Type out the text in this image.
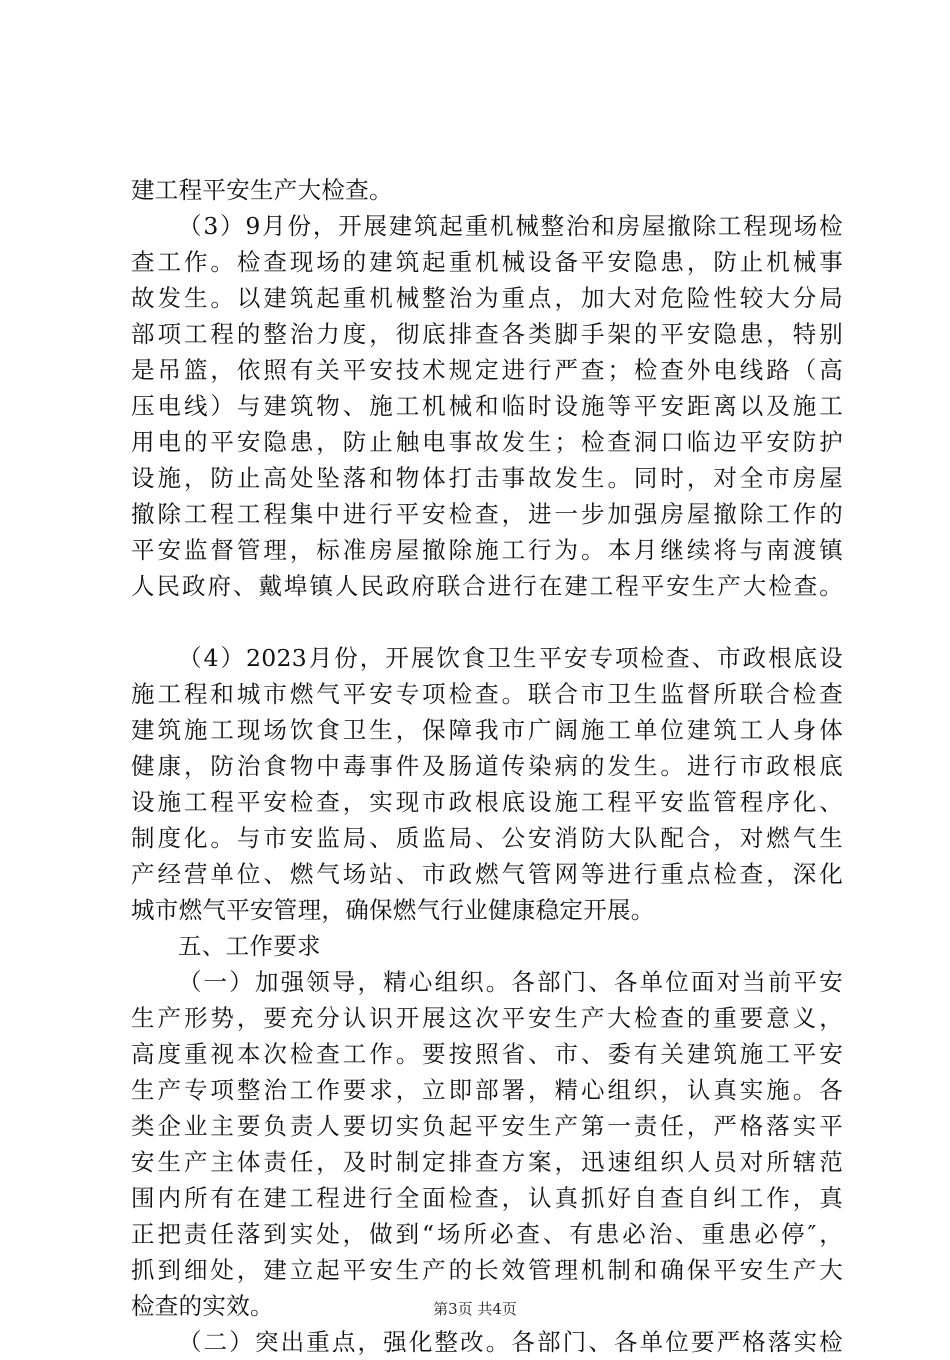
建工程平安生产大检查。
（3）9月份，开展建筑起重机械整治和房屋撤除工程现场检
查工作。检查现场的建筑起重机械设备平安隐患，防止机械事
故发生。以建筑起重机械整治为重点，加大对危险性较大分局
部项工程的整治力度，彻底排查各类脚手架的平安隐患，特别
是吊篮，依照有关平安技术规定进行严查；检查外电线路（高
压电线）与建筑物、施工机械和临时设施等平安距离以及施工
用电的平安隐患，防止触电事故发生；检查洞口临边平安防护
设施，防止高处坠落和物体打击事故发生。同时，对全市房屋
撤除工程工程集中进行平安检查，进一步加强房屋撤除工作的
平安监督管理，标准房屋撤除施工行为。本月继续将与南渡镇
人民政府、戴埠镇人民政府联合进行在建工程平安生产大检查。
（4）2023月份，开展饮食卫生平安专项检查、市政根底设
施工程和城市燃气平安专项检查。联合市卫生监督所联合检查
建筑施工现场饮食卫生，保障我市广阔施工单位建筑工人身体
健康，防治食物中毒事件及肠道传染病的发生。进行市政根底
设施工程平安检查，实现市政根底设施工程平安监管程序化、
制度化。与市安监局、质监局、公安消防大队配合，对燃气生
产经营单位、燃气场站、市政燃气管网等进行重点检查，深化
城市燃气平安管理，确保燃气行业健康稳定开展。
五、工作要求
（一）加强领导，精心组织。各部门、各单位面对当前平安
生产形势，要充分认识开展这次平安生产大检查的重要意义，
高度重视本次检查工作。要按照省、市、委有关建筑施工平安
生产专项整治工作要求，立即部署，精心组织，认真实施。各
类企业主要负责人要切实负起平安生产第一责任，严格落实平
安生产主体责任，及时制定排查方案，迅速组织人员对所辖范
围内所有在建工程进行全面检查，认真抓好自查自纠工作，真
正把责任落到实处，做到“场所必查、有患必治、重患必停″，
抓到细处，建立起平安生产的长效管理机制和确保平安生产大
检查的实效。
（二）突出重点，强化整改。各部门、各单位要严格落实检
第3页 共4页
